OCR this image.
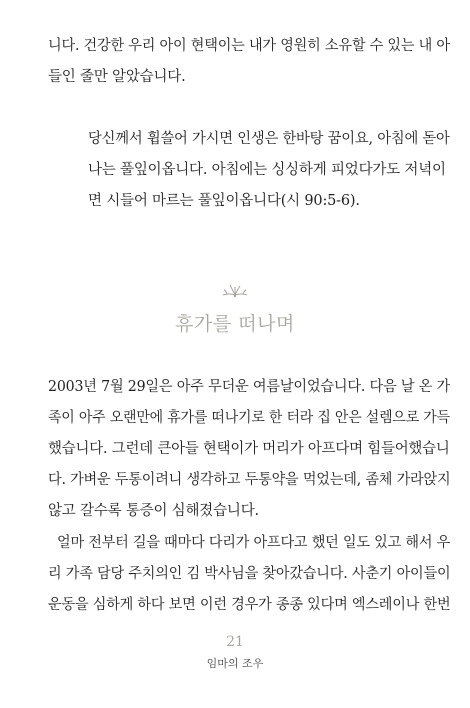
니다. 건강한 우리 아이 현택이는 내가 영원히 소유할 수 있는 내 아
들인 줄만 알았습니다.
당신께서 휩쓸어 가시면 인생은 한바탕 꿈이요, 아침에 돋아
나는 풀잎이옵니다. 아침에는 싱싱하게 피었다가도 저녁이
면 시들어 마르는 풀잎이옵니다(시 90:5-6).
휴가를 떠나며
2003년 7월 29일은 아주 무더운 여름날이었습니다. 다음 날 온 가
족이 아주 오랜만에 휴가를 떠나기로 한 터라 집 안은 설렘으로 가득
했습니다. 그런데 큰아들 현택이가 머리가 아프다며 힘들어했습니
다. 가벼운 두통이려니 생각하고 두통약을 먹었는데, 좀체 가라앉지
않고 갈수록 통증이 심해졌습니다.
얼마 전부터 길을 때마다 다리가 아프다고 했던 일도 있고 해서 우
리 가족 담당 주치의인 김 박사님을 찾아갔습니다. 사춘기 아이들이
운동을 심하게 하다 보면 이런 경우가 종종 있다며 엑스레이나 한번
21
임마의 조우
